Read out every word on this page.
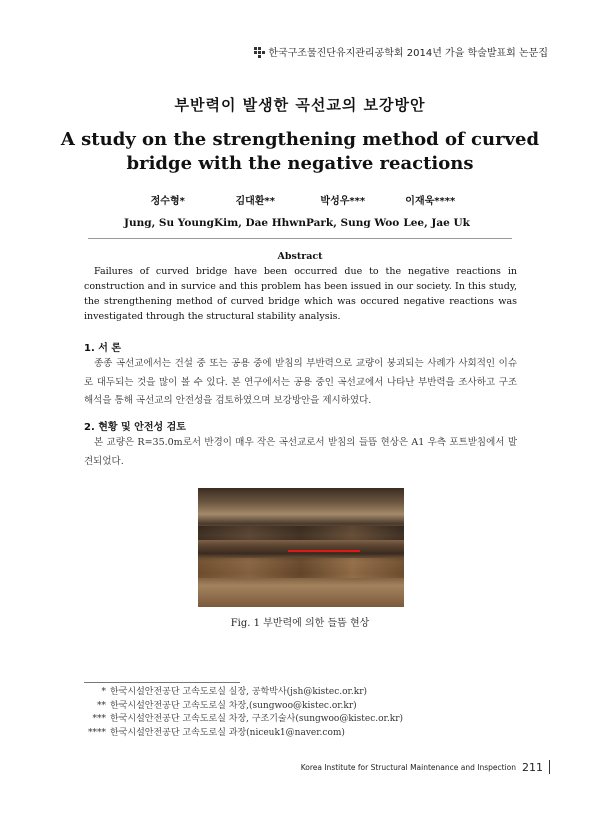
한국구조물진단유지관리공학회 2014년 가을 학술발표회 논문집
부반력이 발생한 곡선교의 보강방안
A study on the strengthening method of curved bridge with the negative reactions
정수형*	김대환**	박성우***	이재욱****
Jung, Su Young Kim, Dae Hhwn Park, Sung Woo Lee, Jae Uk
Abstract
Failures of curved bridge have been occurred due to the negative reactions in construction and in survice and this problem has been issued in our society. In this study, the strengthening method of curved bridge which was occured negative reactions was investigated through the structural stability analysis.
1. 서 론
종종 곡선교에서는 건설 중 또는 공용 중에 받침의 부반력으로 교량이 붕괴되는 사례가 사회적인 이슈로 대두되는 것을 많이 볼 수 있다. 본 연구에서는 공용 중인 곡선교에서 나타난 부반력을 조사하고 구조해석을 통해 곡선교의 안전성을 검토하였으며 보강방안을 제시하였다.
2. 현황 및 안전성 검토
본 교량은 R=35.0m로서 반경이 매우 작은 곡선교로서 받침의 들뜸 현상은 A1 우측 포트받침에서 발견되었다.
Fig. 1 부반력에 의한 들뜸 현상
* 한국시설안전공단 고속도로실 실장, 공학박사(jsh@kistec.or.kr)
** 한국시설안전공단 고속도로실 차장,(sungwoo@kistec.or.kr)
*** 한국시설안전공단 고속도로실 차장, 구조기술사(sungwoo@kistec.or.kr)
**** 한국시설안전공단 고속도로실 과장(niceuk1@naver.com)
Korea Institute for Structural Maintenance and Inspection 211
